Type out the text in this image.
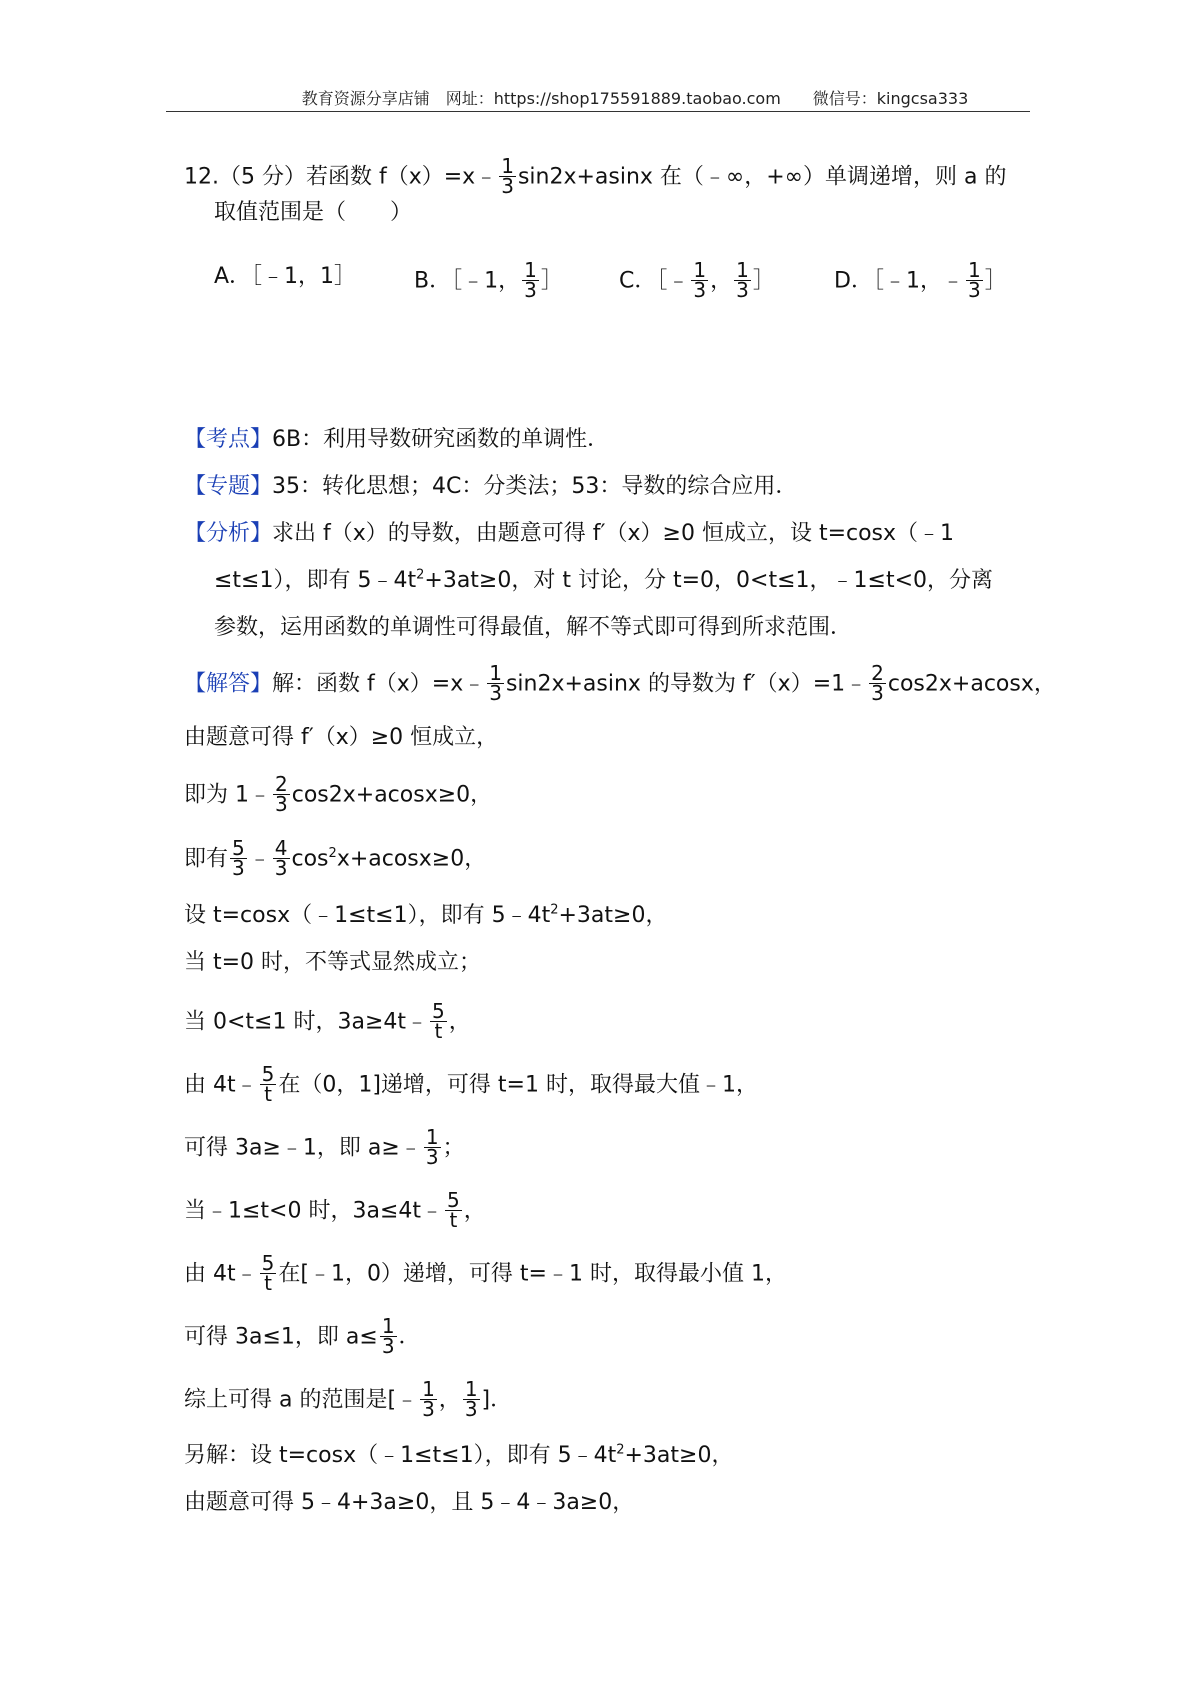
教育资源分享店铺　网址：https://shop175591889.taobao.com　　微信号：kingcsa333
12.（5 分）若函数 f（x）=x﹣ $\frac{1}{3} \sin 2x+asinx$ 在（﹣∞，+∞）单调递增，则 a 的
取值范围是（　　）
A．［﹣1，1］	B．［﹣1， $\frac{1}{3}$ ］	C．［﹣ $\frac{1}{3}$ ， $\frac{1}{3}$ ］	D．［﹣1，﹣ $\frac{1}{3}$ ］
【考点】6B：利用导数研究函数的单调性．
【专题】35：转化思想；4C：分类法；53：导数的综合应用．
【分析】求出 f（x）的导数，由题意可得 f′（x）≥0 恒成立，设 t=cosx（﹣1
≤t≤1），即有 $5﹣4t^2+3at\ge 0$，对 t 讨论，分 t=0，0<t≤1，﹣1≤t<0，分离
参数，运用函数的单调性可得最值，解不等式即可得到所求范围．
【解答】解：函数 f（x）=x﹣ $\frac{1}{3} \sin 2x+asinx$ 的导数为 f′（x）=1﹣ $\frac{2}{3} \cos 2x+acosx$，
由题意可得 f′（x）≥0 恒成立，
即为 1﹣ $\frac{2}{3} \cos 2x+acosx\ge 0$，
即有 $\frac{5}{3}$ ﹣ $\frac{4}{3} \cos^2x+acosx\ge 0$，
设 t=cosx（﹣1≤t≤1），即有 $5﹣4t^2+3at\ge 0$，
当 t=0 时，不等式显然成立；
当 0<t≤1 时，3a≥4t﹣ $\frac{5}{t}$ ，
由 4t﹣ $\frac{5}{t}$ 在（0，1]递增，可得 t=1 时，取得最大值﹣1，
可得 3a≥﹣1，即 a≥﹣ $\frac{1}{3}$ ；
当﹣1≤t<0 时，3a≤4t﹣ $\frac{5}{t}$ ，
由 4t﹣ $\frac{5}{t}$ 在[﹣1，0）递增，可得 t=﹣1 时，取得最小值 1，
可得 3a≤1，即 $a\le \frac{1}{3}$ ．
综上可得 a 的范围是[﹣ $\frac{1}{3}$ ， $\frac{1}{3}$ ]．
另解：设 t=cosx（﹣1≤t≤1），即有 $5﹣4t^2+3at\ge 0$，
由题意可得 5﹣4+3a≥0，且 5﹣4﹣3a≥0，
